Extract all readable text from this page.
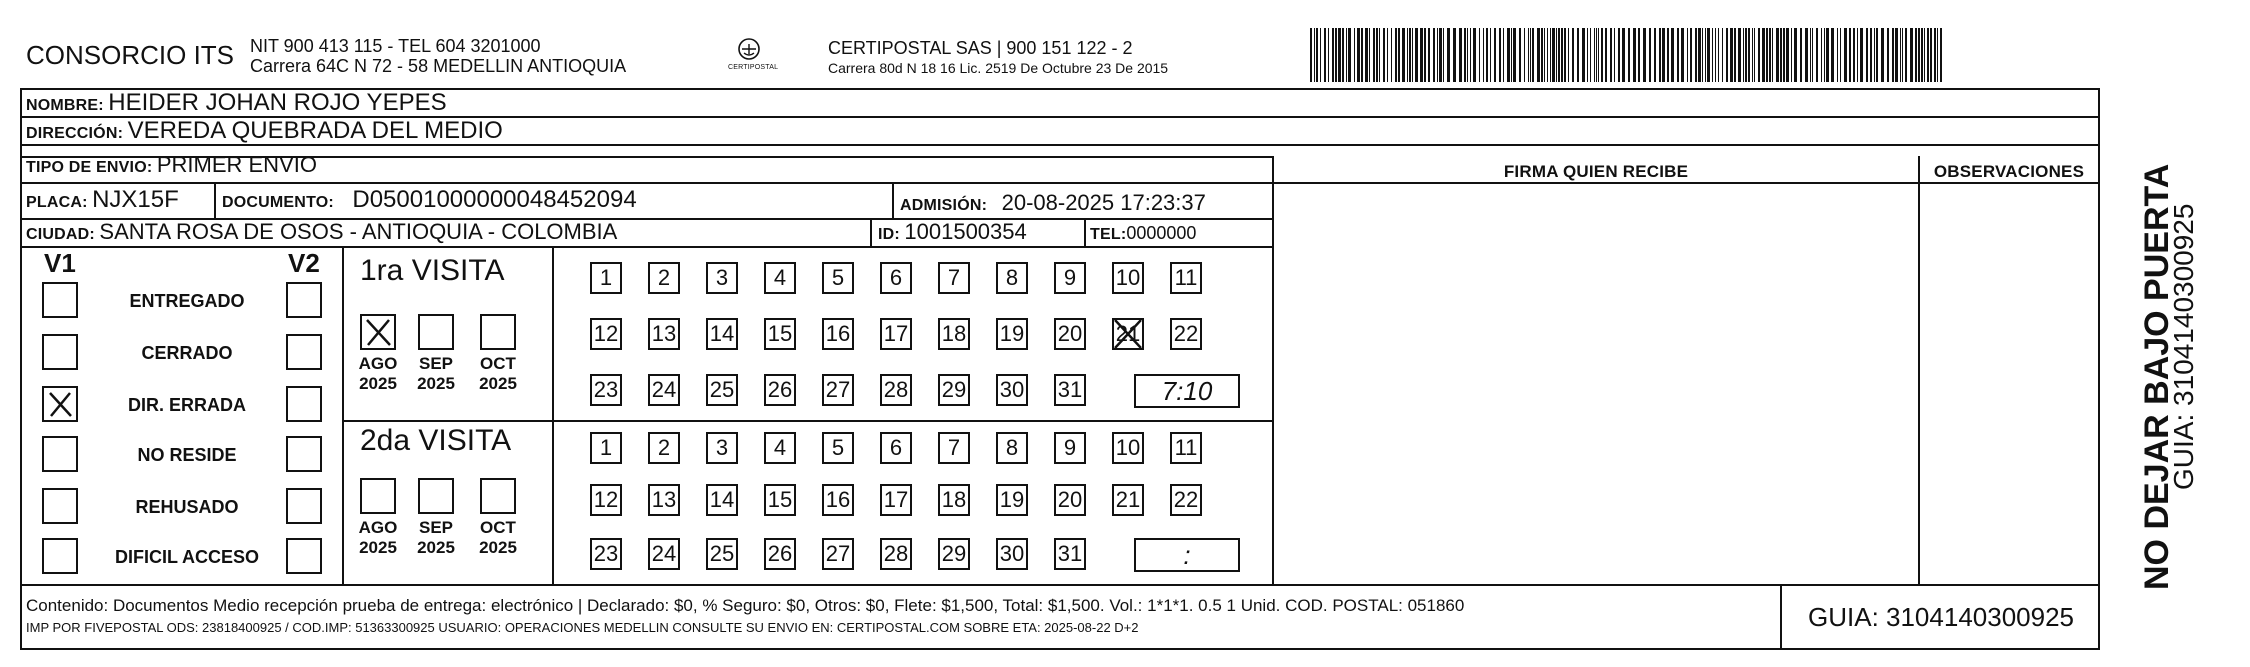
CONSORCIO ITS NIT 900 413 115 - TEL 604 3201000
Carrera 64C N 72 - 58 MEDELLIN ANTIOQUIA	CERTIPOSTAL
CERTIPOSTAL SAS | 900 151 122 - 2
Carrera 80d N 18 16 Lic. 2519 De Octubre 23 De 2015
NOMBRE: HEIDER JOHAN ROJO YEPES
DIRECCIÓN: VEREDA QUEBRADA DEL MEDIO
TIPO DE ENVIO: PRIMER ENVIO
PLACA: NJX15F	DOCUMENTO: D05001000000048452094	ADMISIÓN: 20-08-2025 17:23:37
CIUDAD: SANTA ROSA DE OSOS - ANTIOQUIA - COLOMBIA	ID: 1001500354	TEL:0000000
FIRMA QUIEN RECIBE	OBSERVACIONES
V1	V2
ENTREGADO
CERRADO
DIR. ERRADA
NO RESIDE
REHUSADO
DIFICIL ACCESO
1ra VISITA
AGO
2025
SEP
2025
OCT
2025
1	2	3	4	5	6	7	8	9	10 11
12 13 14 15 16 17 18 19 20 21 22
23 24 25 26 27 28 29 30 31	7:10
2da VISITA
AGO
2025
SEP
2025
OCT
2025
1	2	3	4	5	6	7	8	9	10 11
12 13 14 15 16 17 18 19 20 21 22
23 24 25 26 27 28 29 30 31	:
Contenido: Documentos Medio recepción prueba de entrega: electrónico | Declarado: $0, % Seguro: $0, Otros: $0, Flete: $1,500, Total: $1,500. Vol.: 1*1*1. 0.5 1 Unid. COD. POSTAL: 051860
IMP POR FIVEPOSTAL ODS: 23818400925 / COD.IMP: 51363300925 USUARIO: OPERACIONES MEDELLIN CONSULTE SU ENVIO EN: CERTIPOSTAL.COM SOBRE ETA: 2025-08-22 D+2	GUIA: 3104140300925
NO DEJAR BAJO PUERTA
GUIA: 3104140300925
